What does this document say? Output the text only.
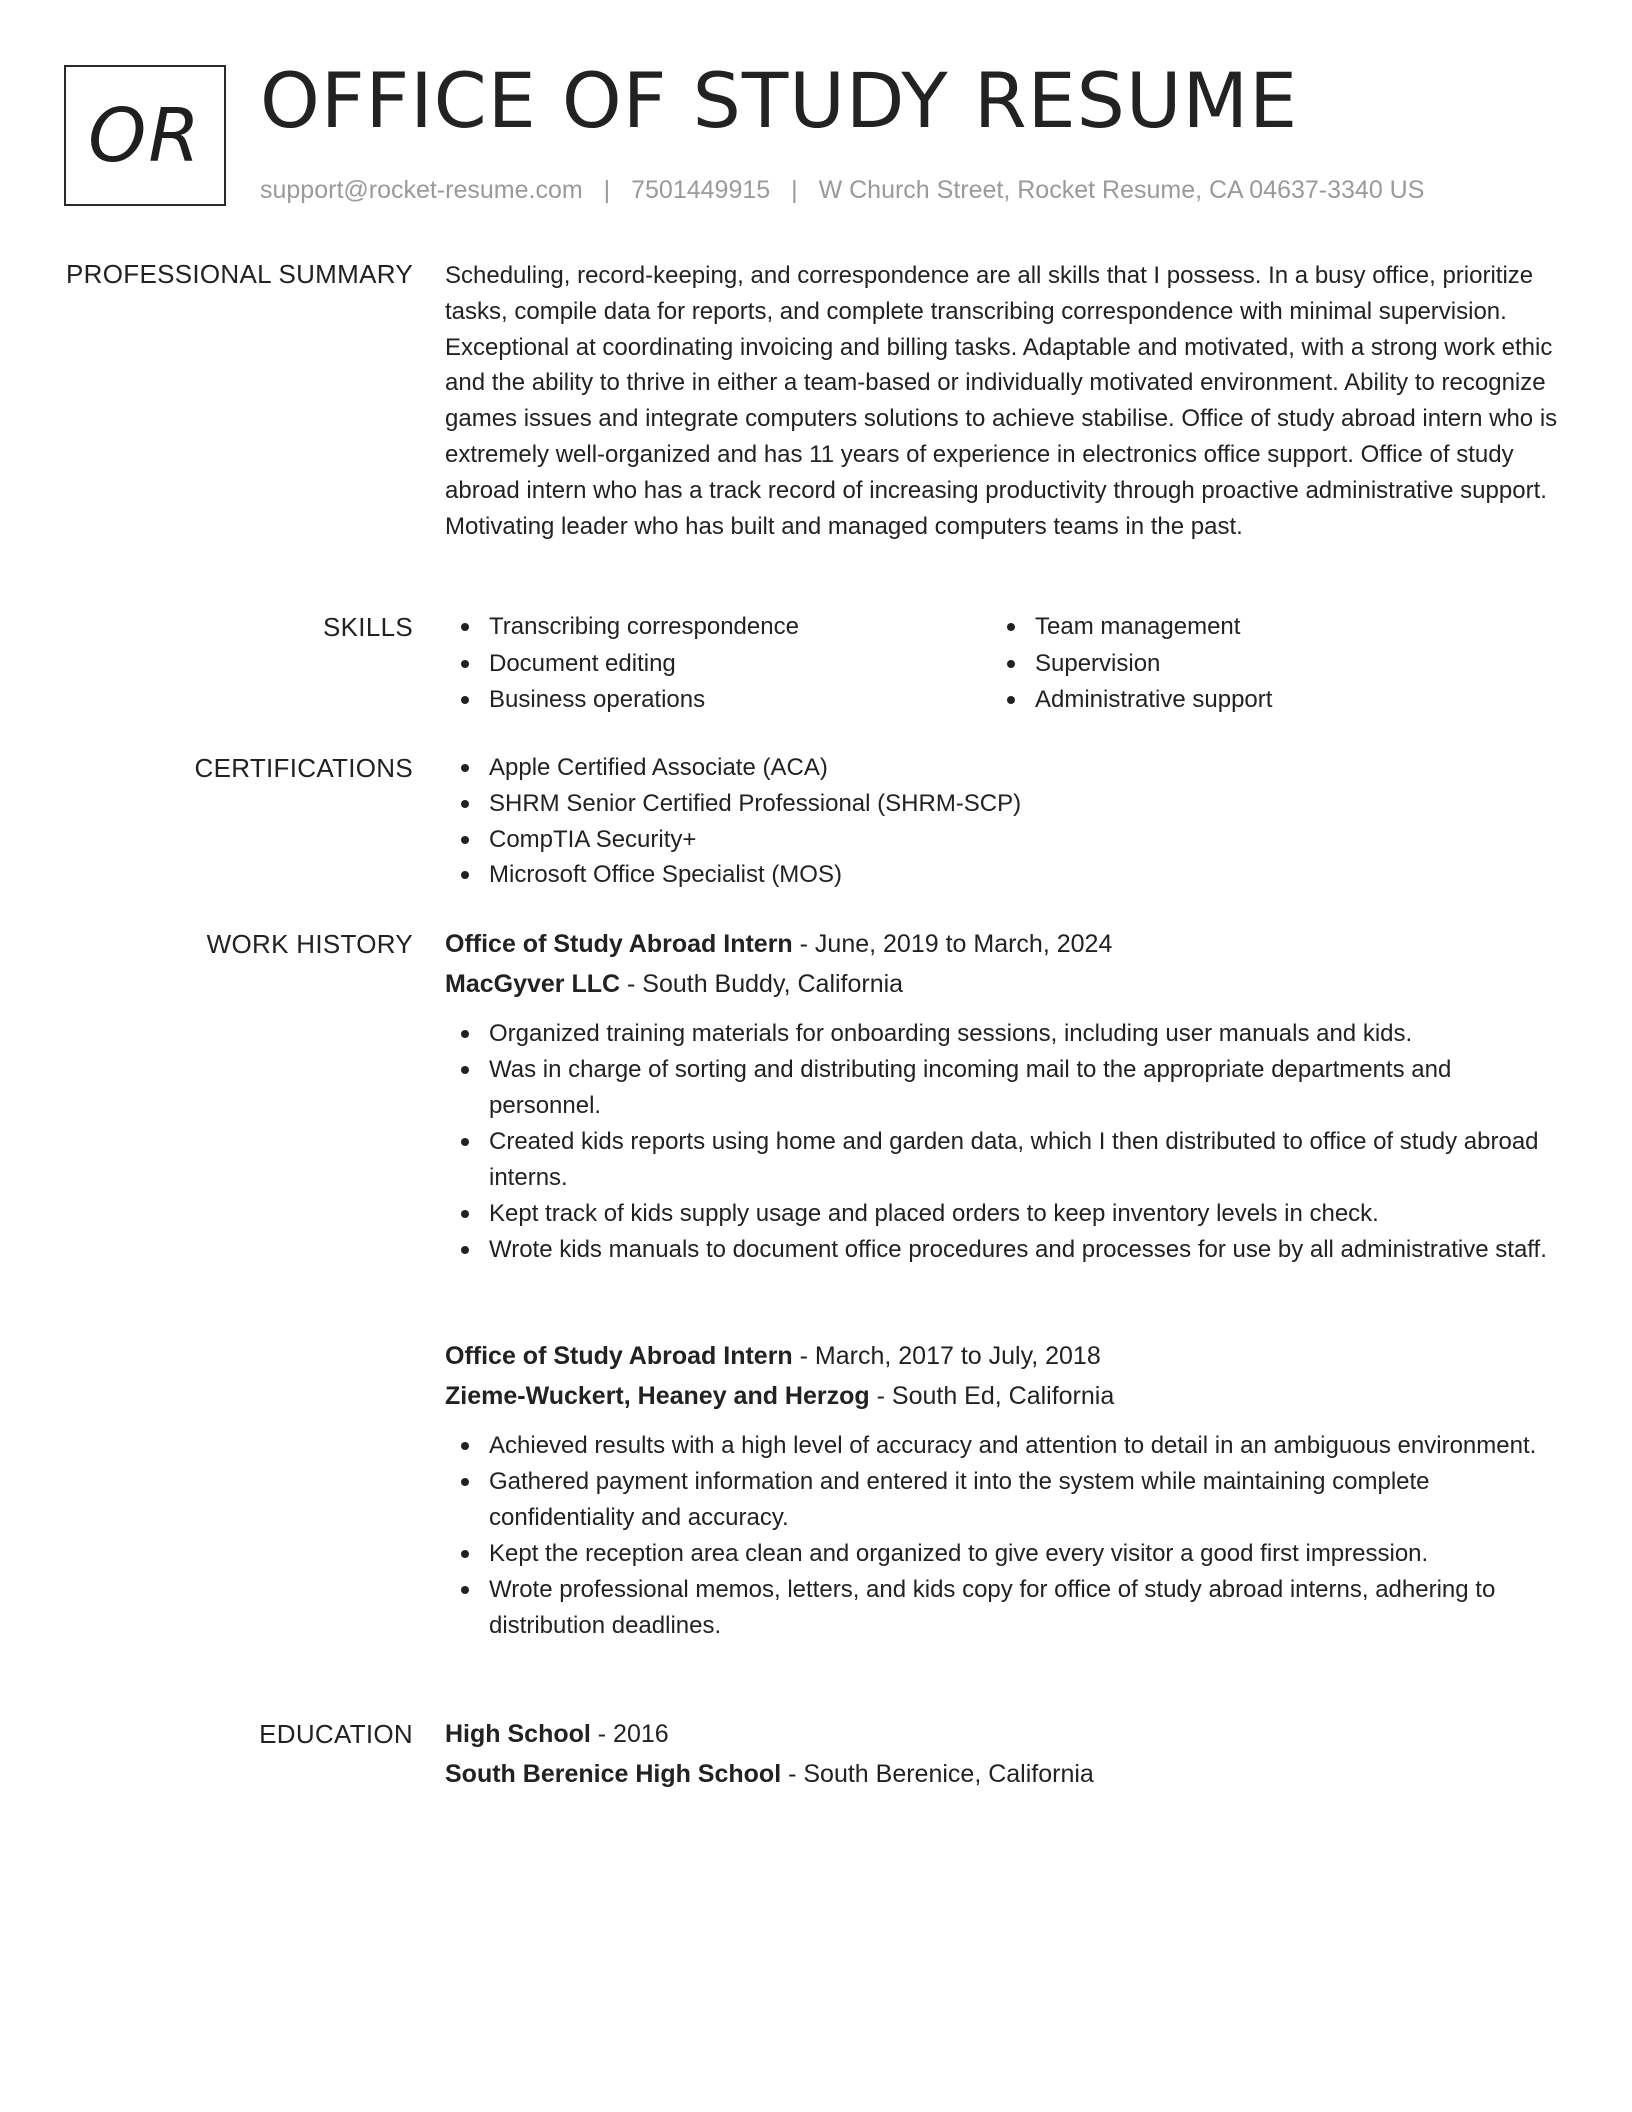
OR OFFICE OF STUDY RESUME
support@rocket-resume.com | 7501449915 | W Church Street, Rocket Resume, CA 04637-3340 US
PROFESSIONAL SUMMARY Scheduling, record-keeping, and correspondence are all skills that I possess. In a busy office, prioritize tasks, compile data for reports, and complete transcribing correspondence with minimal supervision. Exceptional at coordinating invoicing and billing tasks. Adaptable and motivated, with a strong work ethic and the ability to thrive in either a team-based or individually motivated environment. Ability to recognize games issues and integrate computers solutions to achieve stabilise. Office of study abroad intern who is extremely well-organized and has 11 years of experience in electronics office support. Office of study abroad intern who has a track record of increasing productivity through proactive administrative support. Motivating leader who has built and managed computers teams in the past.

SKILLS	Transcribing correspondence
Document editing
Business operations
Team management
Supervision
Administrative support
CERTIFICATIONS	Apple Certified Associate (ACA)
SHRM Senior Certified Professional (SHRM-SCP)
CompTIA Security+
Microsoft Office Specialist (MOS)
WORK HISTORY Office of Study Abroad Intern - June, 2019 to March, 2024
MacGyver LLC - South Buddy, California
Organized training materials for onboarding sessions, including user manuals and kids.
Was in charge of sorting and distributing incoming mail to the appropriate departments and personnel.
Created kids reports using home and garden data, which I then distributed to office of study abroad interns.
Kept track of kids supply usage and placed orders to keep inventory levels in check.
Wrote kids manuals to document office procedures and processes for use by all administrative staff.
Office of Study Abroad Intern - March, 2017 to July, 2018
Zieme-Wuckert, Heaney and Herzog - South Ed, California
Achieved results with a high level of accuracy and attention to detail in an ambiguous environment.
Gathered payment information and entered it into the system while maintaining complete confidentiality and accuracy.
Kept the reception area clean and organized to give every visitor a good first impression.
Wrote professional memos, letters, and kids copy for office of study abroad interns, adhering to distribution deadlines.
EDUCATION High School - 2016
South Berenice High School - South Berenice, California
